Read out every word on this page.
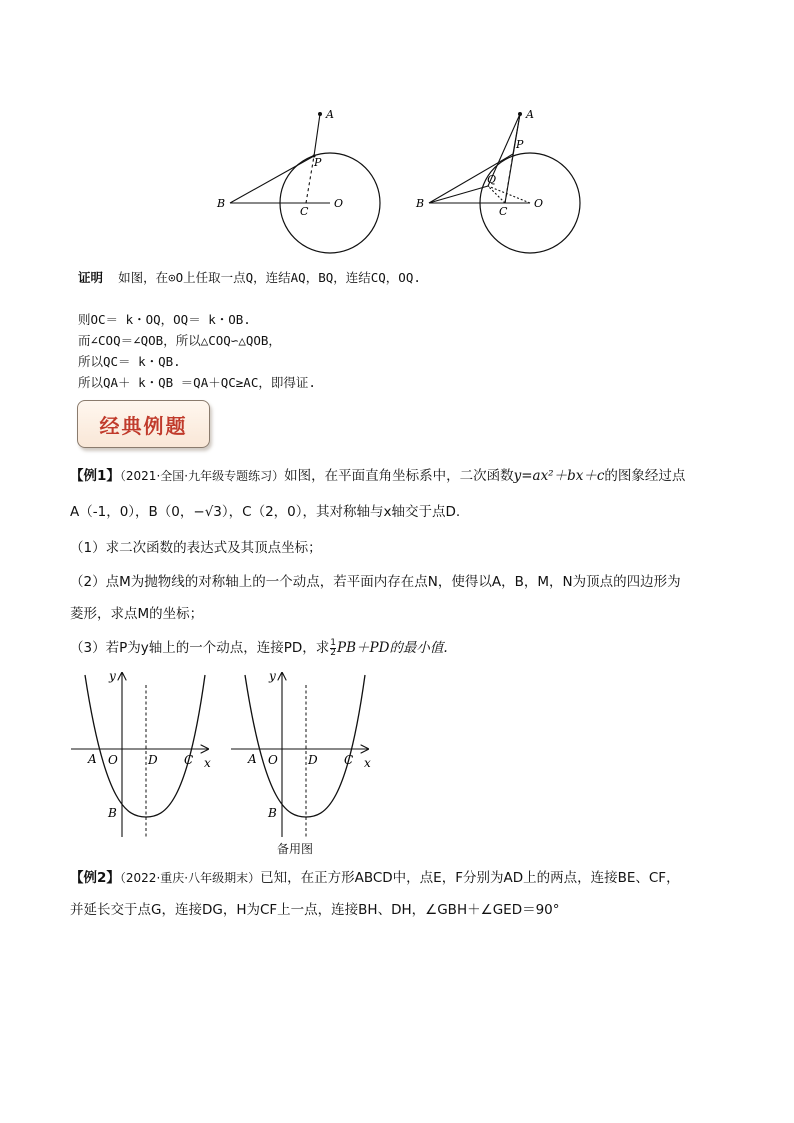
A
P
B
C
O
A
P
Q
B
C
O
证明 如图，在⊙O上任取一点Q，连结AQ，BQ，连结CQ，OQ.
则OC＝ k・OQ，OQ＝ k・OB.
而∠COQ＝∠QOB，所以△COQ∽△QOB，
所以QC＝ k・QB.
所以QA＋ k・QB ＝QA＋QC≥AC，即得证.
经典例题
【例1】（2021·全国·九年级专题练习）如图，在平面直角坐标系中，二次函数y=ax²＋bx＋c的图象经过点
A（-1，0），B（0，−√3），C（2，0），其对称轴与x轴交于点D.
（1）求二次函数的表达式及其顶点坐标；
（2）点M为抛物线的对称轴上的一个动点，若平面内存在点N，使得以A，B，M，N为顶点的四边形为
菱形，求点M的坐标；
（3）若P为y轴上的一个动点，连接PD，求 $\frac{1}{2} PB+PD$的最小值.
y
x
A O	D C
B
y
x
A O	D C
B
备用图
【例2】（2022·重庆·八年级期末）已知，在正方形ABCD中，点E，F分别为AD上的两点，连接BE、CF，
并延长交于点G，连接DG，H为CF上一点，连接BH、DH，∠GBH＋∠GED＝90°
